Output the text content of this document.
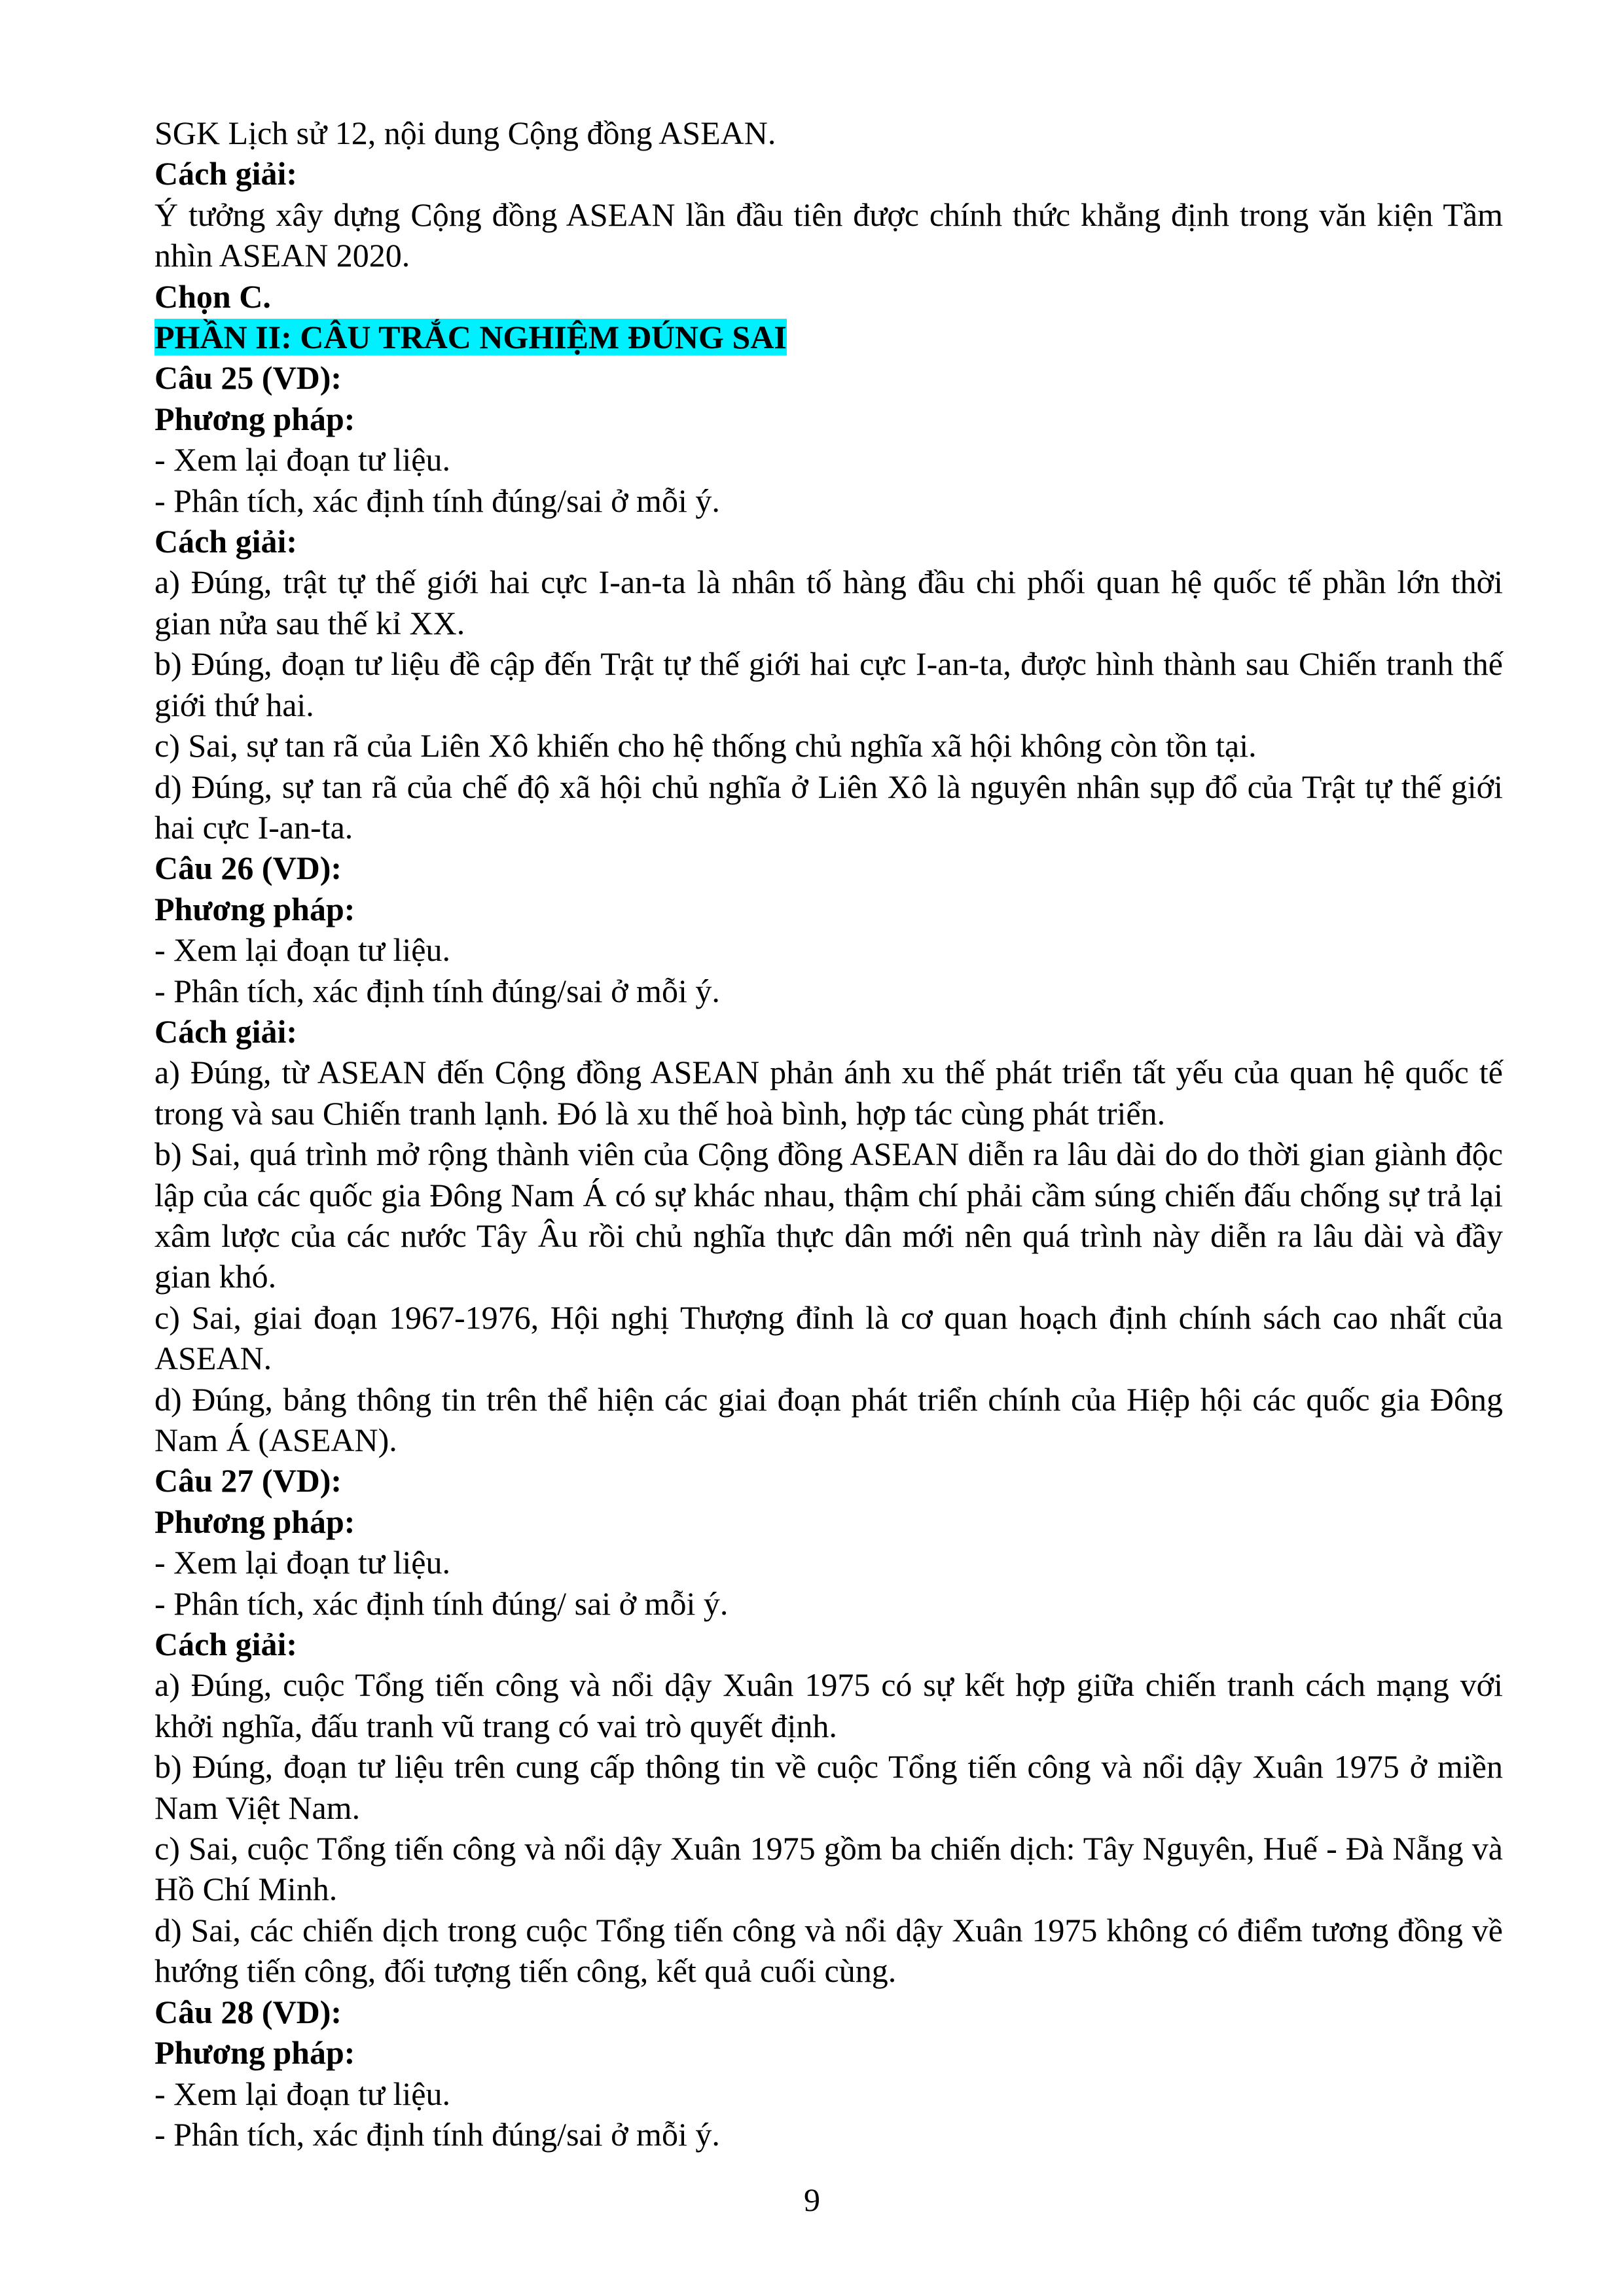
SGK Lịch sử 12, nội dung Cộng đồng ASEAN.

Cách giải:

Ý tưởng xây dựng Cộng đồng ASEAN lần đầu tiên được chính thức khẳng định trong văn kiện Tầm nhìn ASEAN 2020.

Chọn C.

PHẦN II: CÂU TRẮC NGHIỆM ĐÚNG SAI

Câu 25 (VD):

Phương pháp:

- Xem lại đoạn tư liệu.

- Phân tích, xác định tính đúng/sai ở mỗi ý.

Cách giải:

a) Đúng, trật tự thế giới hai cực I-an-ta là nhân tố hàng đầu chi phối quan hệ quốc tế phần lớn thời gian nửa sau thế kỉ XX.

b) Đúng, đoạn tư liệu đề cập đến Trật tự thế giới hai cực I-an-ta, được hình thành sau Chiến tranh thế giới thứ hai.

c) Sai, sự tan rã của Liên Xô khiến cho hệ thống chủ nghĩa xã hội không còn tồn tại.

d) Đúng, sự tan rã của chế độ xã hội chủ nghĩa ở Liên Xô là nguyên nhân sụp đổ của Trật tự thế giới hai cực I-an-ta.

Câu 26 (VD):

Phương pháp:

- Xem lại đoạn tư liệu.

- Phân tích, xác định tính đúng/sai ở mỗi ý.

Cách giải:

a) Đúng, từ ASEAN đến Cộng đồng ASEAN phản ánh xu thế phát triển tất yếu của quan hệ quốc tế trong và sau Chiến tranh lạnh. Đó là xu thế hoà bình, hợp tác cùng phát triển.

b) Sai, quá trình mở rộng thành viên của Cộng đồng ASEAN diễn ra lâu dài do do thời gian giành độc lập của các quốc gia Đông Nam Á có sự khác nhau, thậm chí phải cầm súng chiến đấu chống sự trả lại xâm lược của các nước Tây Âu rồi chủ nghĩa thực dân mới nên quá trình này diễn ra lâu dài và đầy gian khó.

c) Sai, giai đoạn 1967-1976, Hội nghị Thượng đỉnh là cơ quan hoạch định chính sách cao nhất của ASEAN.

d) Đúng, bảng thông tin trên thể hiện các giai đoạn phát triển chính của Hiệp hội các quốc gia Đông Nam Á (ASEAN).

Câu 27 (VD):

Phương pháp:

- Xem lại đoạn tư liệu.

- Phân tích, xác định tính đúng/ sai ở mỗi ý.

Cách giải:

a) Đúng, cuộc Tổng tiến công và nổi dậy Xuân 1975 có sự kết hợp giữa chiến tranh cách mạng với khởi nghĩa, đấu tranh vũ trang có vai trò quyết định.

b) Đúng, đoạn tư liệu trên cung cấp thông tin về cuộc Tổng tiến công và nổi dậy Xuân 1975 ở miền Nam Việt Nam.

c) Sai, cuộc Tổng tiến công và nổi dậy Xuân 1975 gồm ba chiến dịch: Tây Nguyên, Huế - Đà Nẵng và Hồ Chí Minh.

d) Sai, các chiến dịch trong cuộc Tổng tiến công và nổi dậy Xuân 1975 không có điểm tương đồng về hướng tiến công, đối tượng tiến công, kết quả cuối cùng.

Câu 28 (VD):

Phương pháp:

- Xem lại đoạn tư liệu.

- Phân tích, xác định tính đúng/sai ở mỗi ý.

9
